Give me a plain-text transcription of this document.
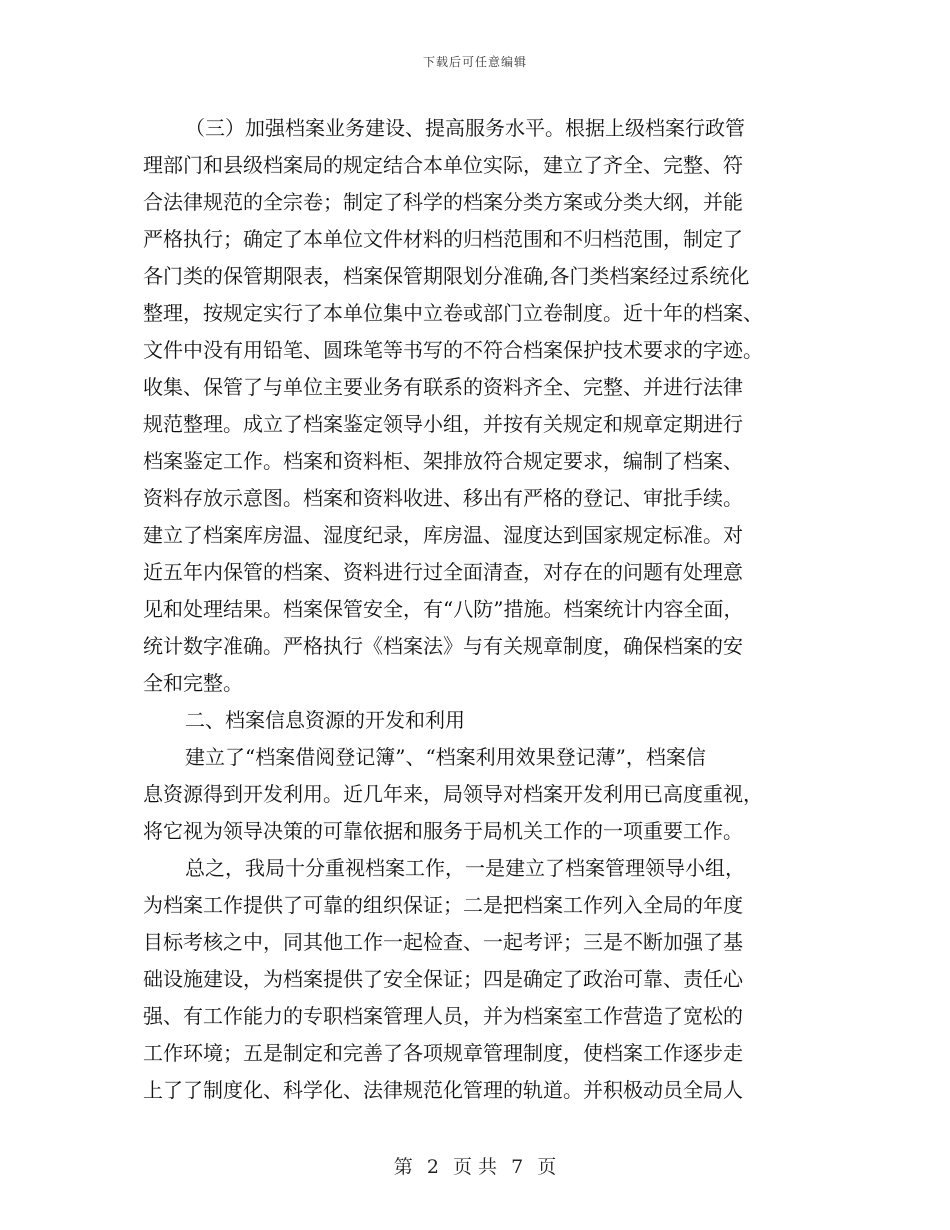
下载后可任意编辑
（三）加强档案业务建设、提高服务水平。根据上级档案行政管
理部门和县级档案局的规定结合本单位实际，建立了齐全、完整、符
合法律规范的全宗卷；制定了科学的档案分类方案或分类大纲，并能
严格执行；确定了本单位文件材料的归档范围和不归档范围，制定了
各门类的保管期限表，档案保管期限划分准确,各门类档案经过系统化
整理，按规定实行了本单位集中立卷或部门立卷制度。近十年的档案、
文件中没有用铅笔、圆珠笔等书写的不符合档案保护技术要求的字迹。
收集、保管了与单位主要业务有联系的资料齐全、完整、并进行法律
规范整理。成立了档案鉴定领导小组，并按有关规定和规章定期进行
档案鉴定工作。档案和资料柜、架排放符合规定要求，编制了档案、
资料存放示意图。档案和资料收进、移出有严格的登记、审批手续。
建立了档案库房温、湿度纪录，库房温、湿度达到国家规定标准。对
近五年内保管的档案、资料进行过全面清查，对存在的问题有处理意
见和处理结果。档案保管安全，有“八防”措施。档案统计内容全面，
统计数字准确。严格执行《档案法》与有关规章制度，确保档案的安
全和完整。
二、档案信息资源的开发和利用
建立了“档案借阅登记簿”、“档案利用效果登记薄”，档案信
息资源得到开发利用。近几年来，局领导对档案开发利用已高度重视，
将它视为领导决策的可靠依据和服务于局机关工作的一项重要工作。
总之，我局十分重视档案工作，一是建立了档案管理领导小组，
为档案工作提供了可靠的组织保证；二是把档案工作列入全局的年度
目标考核之中，同其他工作一起检查、一起考评；三是不断加强了基
础设施建设，为档案提供了安全保证；四是确定了政治可靠、责任心
强、有工作能力的专职档案管理人员，并为档案室工作营造了宽松的
工作环境；五是制定和完善了各项规章管理制度，使档案工作逐步走
上了了制度化、科学化、法律规范化管理的轨道。并积极动员全局人
第 2 页 共 7 页
